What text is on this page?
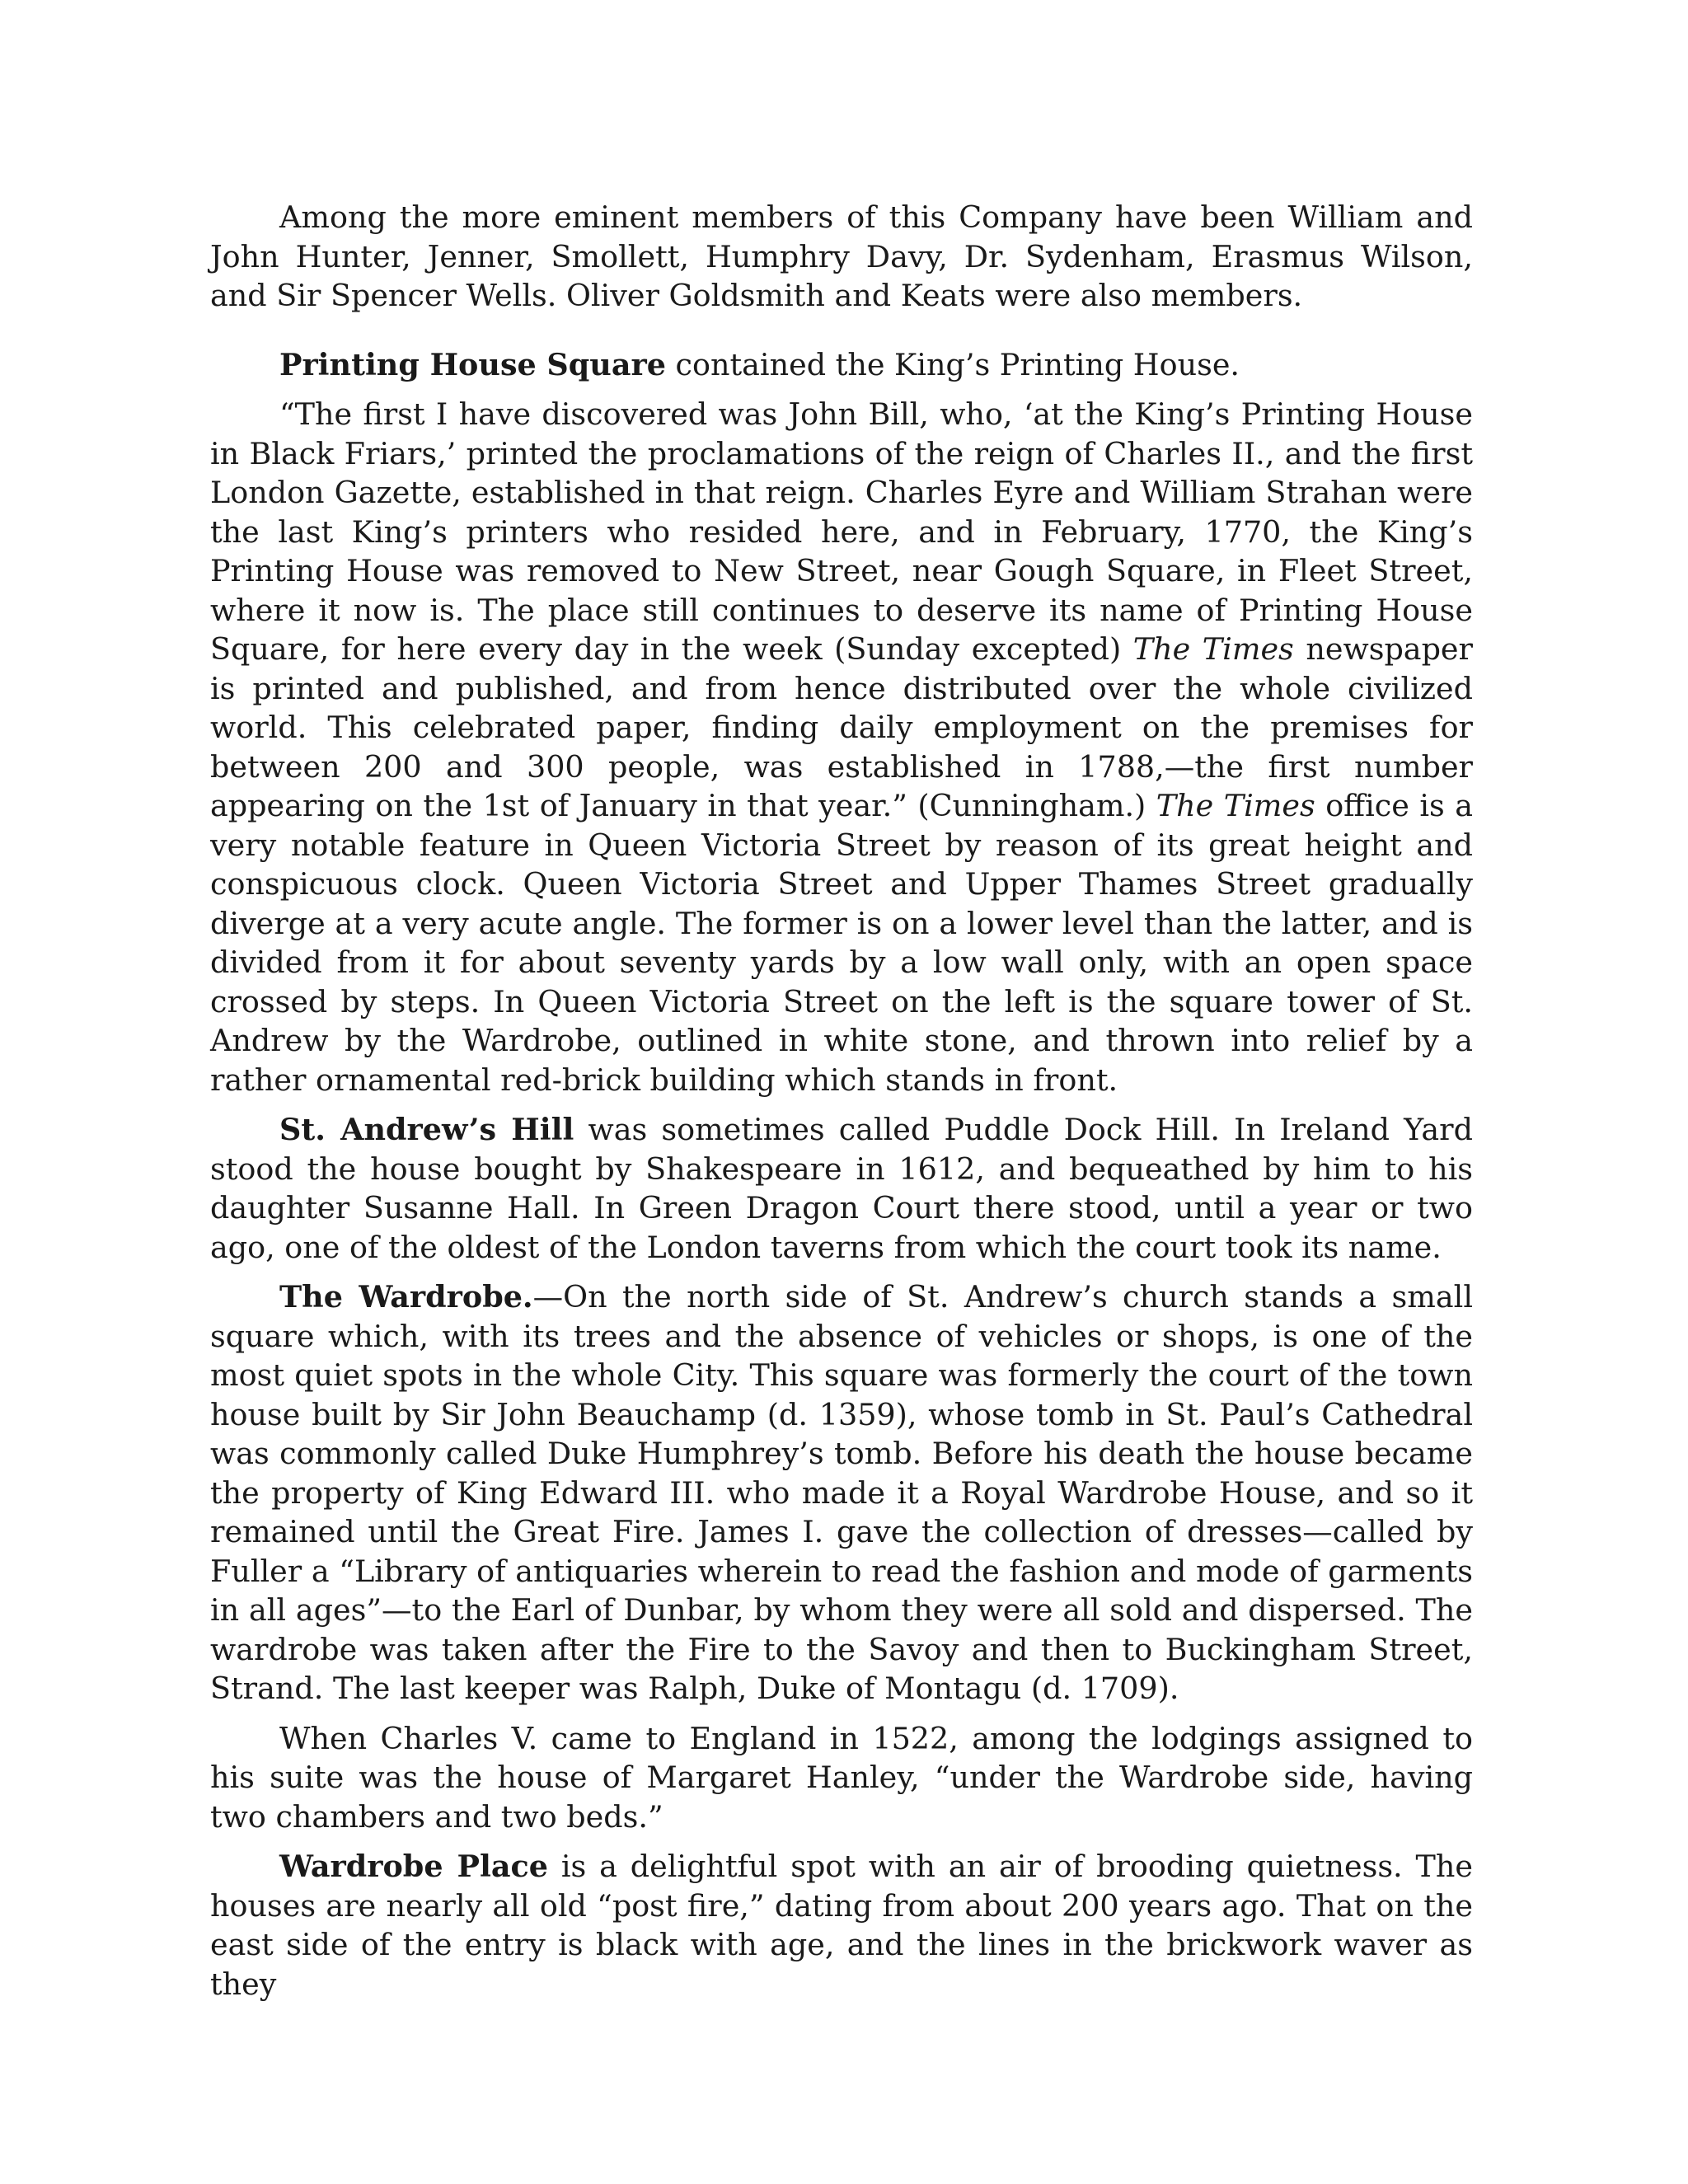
Among the more eminent members of this Company have been William and John Hunter, Jenner, Smollett, Humphry Davy, Dr. Sydenham, Erasmus Wilson, and Sir Spencer Wells. Oliver Goldsmith and Keats were also members.

Printing House Square contained the King’s Printing House.

“The first I have discovered was John Bill, who, ‘at the King’s Printing House in Black Friars,’ printed the proclamations of the reign of Charles II., and the first London Gazette, established in that reign. Charles Eyre and William Strahan were the last King’s printers who resided here, and in February, 1770, the King’s Printing House was removed to New Street, near Gough Square, in Fleet Street, where it now is. The place still continues to deserve its name of Printing House Square, for here every day in the week (Sunday excepted) The Times newspaper is printed and published, and from hence distributed over the whole civilized world. This celebrated paper, finding daily employment on the premises for between 200 and 300 people, was established in 1788,—the first number appearing on the 1st of January in that year.” (Cunningham.) The Times office is a very notable feature in Queen Victoria Street by reason of its great height and conspicuous clock. Queen Victoria Street and Upper Thames Street gradually diverge at a very acute angle. The former is on a lower level than the latter, and is divided from it for about seventy yards by a low wall only, with an open space crossed by steps. In Queen Victoria Street on the left is the square tower of St. Andrew by the Wardrobe, outlined in white stone, and thrown into relief by a rather ornamental red-brick building which stands in front.

St. Andrew’s Hill was sometimes called Puddle Dock Hill. In Ireland Yard stood the house bought by Shakespeare in 1612, and bequeathed by him to his daughter Susanne Hall. In Green Dragon Court there stood, until a year or two ago, one of the oldest of the London taverns from which the court took its name.

The Wardrobe.—On the north side of St. Andrew’s church stands a small square which, with its trees and the absence of vehicles or shops, is one of the most quiet spots in the whole City. This square was formerly the court of the town house built by Sir John Beauchamp (d. 1359), whose tomb in St. Paul’s Cathedral was commonly called Duke Humphrey’s tomb. Before his death the house became the property of King Edward III. who made it a Royal Wardrobe House, and so it remained until the Great Fire. James I. gave the collection of dresses—called by Fuller a “Library of antiquaries wherein to read the fashion and mode of garments in all ages”—to the Earl of Dunbar, by whom they were all sold and dispersed. The wardrobe was taken after the Fire to the Savoy and then to Buckingham Street, Strand. The last keeper was Ralph, Duke of Montagu (d. 1709).

When Charles V. came to England in 1522, among the lodgings assigned to his suite was the house of Margaret Hanley, “under the Wardrobe side, having two chambers and two beds.”

Wardrobe Place is a delightful spot with an air of brooding quietness. The houses are nearly all old “post fire,” dating from about 200 years ago. That on the east side of the entry is black with age, and the lines in the brickwork waver as they
